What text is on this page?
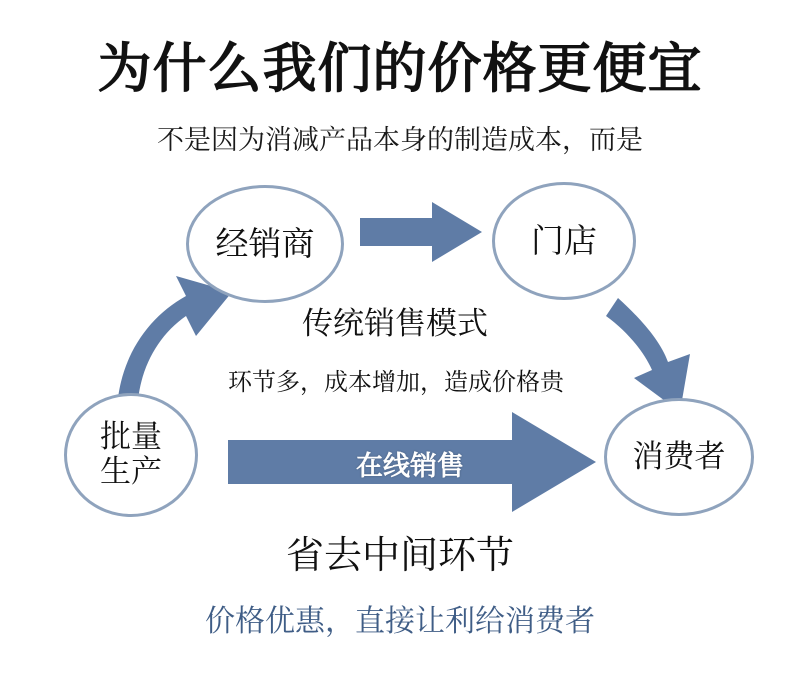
为什么我们的价格更便宜
不是因为消减产品本身的制造成本，而是
经销商	门店
批量
生产	消费者
传统销售模式
环节多，成本增加，造成价格贵
在线销售
省去中间环节
价格优惠，直接让利给消费者
